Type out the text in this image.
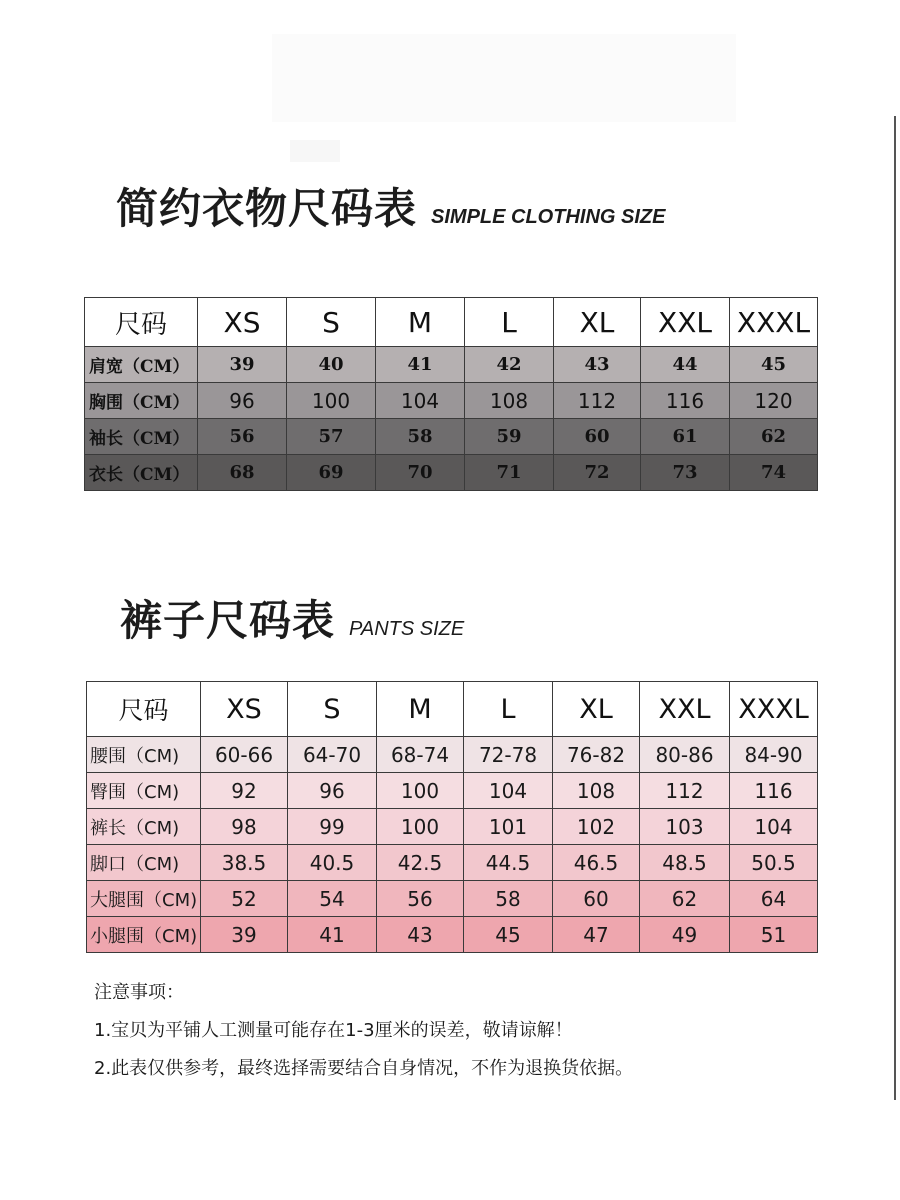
简约衣物尺码表 SIMPLE CLOTHING SIZE
尺码	XS	S	M	L	XL	XXL	XXXL
肩宽（CM）	39	40	41	42	43	44	45
胸围（CM）	96	100	104	108	112	116	120
袖长（CM）	56	57	58	59	60	61	62
衣长（CM）	68	69	70	71	72	73	74
裤子尺码表 PANTS SIZE
尺码	XS	S	M	L	XL	XXL	XXXL
腰围（CM)	60-66	64-70	68-74	72-78	76-82	80-86	84-90
臀围（CM)	92	96	100	104	108	112	116
裤长（CM)	98	99	100	101	102	103	104
脚口（CM)	38.5	40.5	42.5	44.5	46.5	48.5	50.5
大腿围（CM)	52	54	56	58	60	62	64
小腿围（CM)	39	41	43	45	47	49	51
注意事项：
1.宝贝为平铺人工测量可能存在1-3厘米的误差，敬请谅解！
2.此表仅供参考，最终选择需要结合自身情况，不作为退换货依据。
